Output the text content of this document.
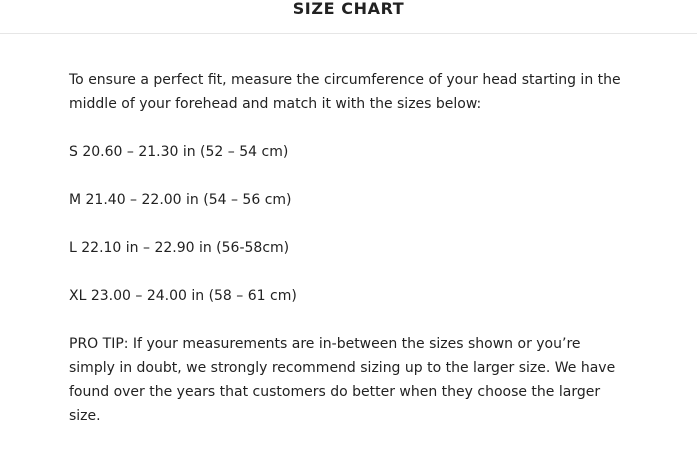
SIZE CHART

To ensure a perfect fit, measure the circumference of your head starting in the middle of your forehead and match it with the sizes below:

S 20.60 – 21.30 in (52 – 54 cm)

M 21.40 – 22.00 in (54 – 56 cm)

L 22.10 in – 22.90 in (56-58cm)

XL 23.00 – 24.00 in (58 – 61 cm)

PRO TIP: If your measurements are in-between the sizes shown or you’re simply in doubt, we strongly recommend sizing up to the larger size. We have found over the years that customers do better when they choose the larger size.
